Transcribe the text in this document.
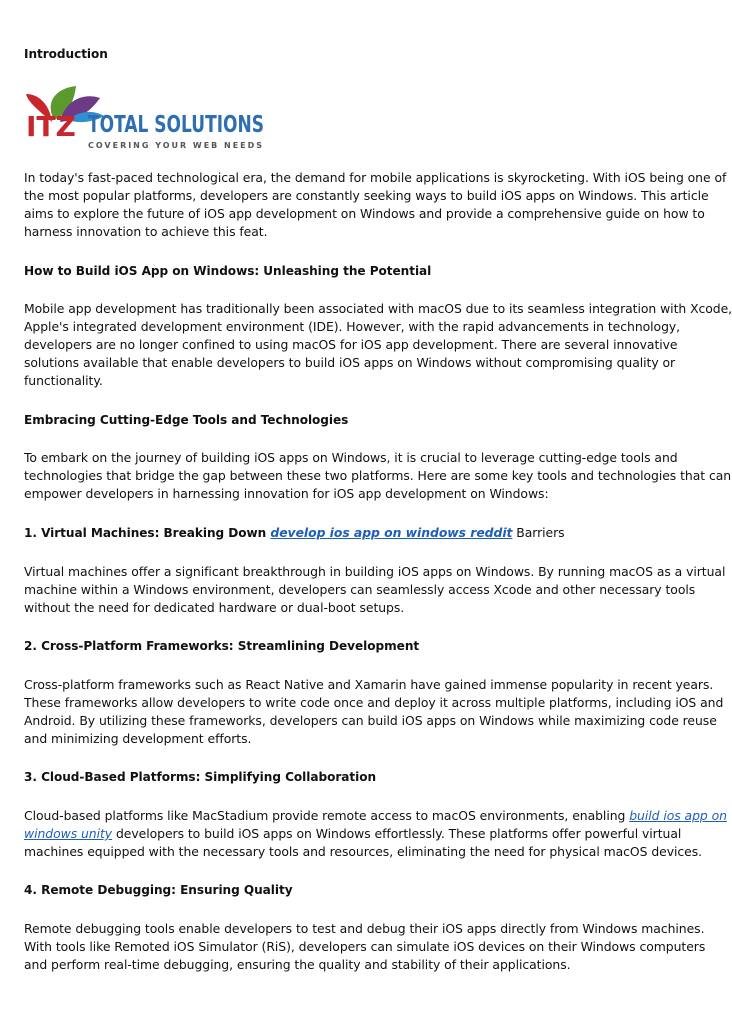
Introduction
ITZ TOTAL SOLUTIONS
COVERING YOUR WEB NEEDS
In today's fast-paced technological era, the demand for mobile applications is skyrocketing. With iOS being one of
the most popular platforms, developers are constantly seeking ways to build iOS apps on Windows. This article
aims to explore the future of iOS app development on Windows and provide a comprehensive guide on how to
harness innovation to achieve this feat.
How to Build iOS App on Windows: Unleashing the Potential
Mobile app development has traditionally been associated with macOS due to its seamless integration with Xcode,
Apple's integrated development environment (IDE). However, with the rapid advancements in technology,
developers are no longer confined to using macOS for iOS app development. There are several innovative
solutions available that enable developers to build iOS apps on Windows without compromising quality or
functionality.
Embracing Cutting-Edge Tools and Technologies
To embark on the journey of building iOS apps on Windows, it is crucial to leverage cutting-edge tools and
technologies that bridge the gap between these two platforms. Here are some key tools and technologies that can
empower developers in harnessing innovation for iOS app development on Windows:
1. Virtual Machines: Breaking Down develop ios app on windows reddit Barriers
Virtual machines offer a significant breakthrough in building iOS apps on Windows. By running macOS as a virtual
machine within a Windows environment, developers can seamlessly access Xcode and other necessary tools
without the need for dedicated hardware or dual-boot setups.
2. Cross-Platform Frameworks: Streamlining Development
Cross-platform frameworks such as React Native and Xamarin have gained immense popularity in recent years.
These frameworks allow developers to write code once and deploy it across multiple platforms, including iOS and
Android. By utilizing these frameworks, developers can build iOS apps on Windows while maximizing code reuse
and minimizing development efforts.
3. Cloud-Based Platforms: Simplifying Collaboration
Cloud-based platforms like MacStadium provide remote access to macOS environments, enabling build ios app on
windows unity developers to build iOS apps on Windows effortlessly. These platforms offer powerful virtual
machines equipped with the necessary tools and resources, eliminating the need for physical macOS devices.
4. Remote Debugging: Ensuring Quality
Remote debugging tools enable developers to test and debug their iOS apps directly from Windows machines.
With tools like Remoted iOS Simulator (RiS), developers can simulate iOS devices on their Windows computers
and perform real-time debugging, ensuring the quality and stability of their applications.
